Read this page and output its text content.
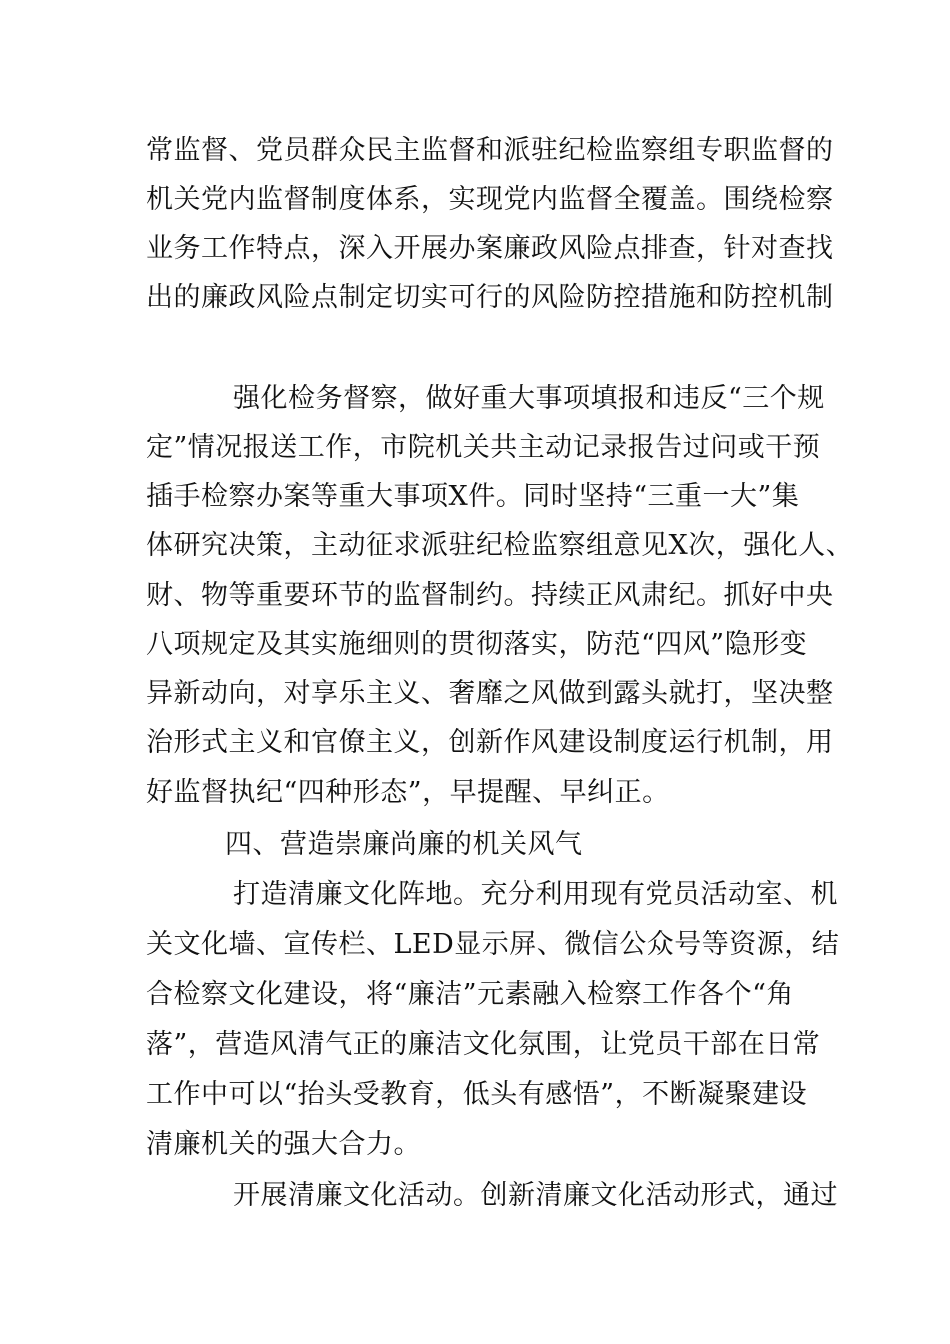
常监督、党员群众民主监督和派驻纪检监察组专职监督的
机关党内监督制度体系，实现党内监督全覆盖。围绕检察
业务工作特点，深入开展办案廉政风险点排查，针对查找
出的廉政风险点制定切实可行的风险防控措施和防控机制
强化检务督察，做好重大事项填报和违反“三个规
定”情况报送工作，市院机关共主动记录报告过问或干预
插手检察办案等重大事项X件。同时坚持“三重一大”集
体研究决策，主动征求派驻纪检监察组意见X次，强化人、
财、物等重要环节的监督制约。持续正风肃纪。抓好中央
八项规定及其实施细则的贯彻落实，防范“四风”隐形变
异新动向，对享乐主义、奢靡之风做到露头就打，坚决整
治形式主义和官僚主义，创新作风建设制度运行机制，用
好监督执纪“四种形态”，早提醒、早纠正。
四、营造崇廉尚廉的机关风气
打造清廉文化阵地。充分利用现有党员活动室、机
关文化墙、宣传栏、LED显示屏、微信公众号等资源，结
合检察文化建设，将“廉洁”元素融入检察工作各个“角
落”，营造风清气正的廉洁文化氛围，让党员干部在日常
工作中可以“抬头受教育，低头有感悟”，不断凝聚建设
清廉机关的强大合力。
开展清廉文化活动。创新清廉文化活动形式，通过
